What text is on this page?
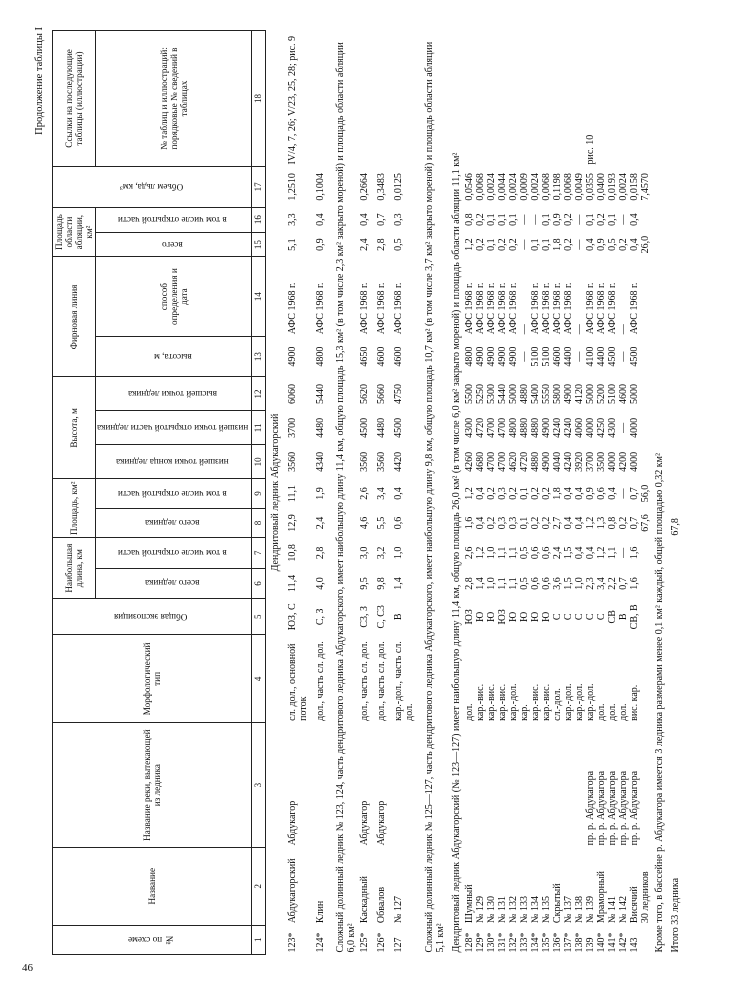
46
Продолжение таблицы I
№ по схеме	Название	Название реки, вытекающей из ледника	Морфологический тип	Общая экспозиция	Наибольшая длина, км		Площадь, км²		Высота, м			Фирновая линия		Площадь области абляции, км²		Объем льда, км³	Ссылки на последующие таблицы (иллюстрации)
					всего ледника	в том числе открытой части	всего ледника	в том числе открытой части	низшей точки конца ледника	низшей точки открытой части ледника	высшей точки ледника	высота, м	способ определения и дата	всего	в том числе открытой части		№ таблиц и иллюстраций: порядковые № сведений в таблицах
1	2	3	4	5	6	7	8	9	10	11	12	13	14	15	16	17	18
Дендритовый ледник Абдукагорский																	
123*	Абдукагорский	Абдукагор	сл. дол., основной поток	ЮЗ, С	11,4	10,8	12,9	11,1	3560	3700	6060	4900	АФС 1968 г.	5,1	3,3	1,2510	IV/4, 7, 26; V/23, 25, 28; рис. 9
124*	Клин		дол., часть сл. дол.	С, З	4,0	2,8	2,4	1,9	4340	4480	5440	4800	АФС 1968 г.	0,9	0,4	0,1004	
Сложный долинный ледник № 123, 124, часть дендритового ледника Абдукагорского, имеет наибольшую длину 11,4 км, общую площадь 15,3 км² (в том числе 2,3 км² закрыто мореной) и площадь области абляции 6,0 км²																	
125*	Каскадный	Абдукагор	дол., часть сл. дол.	С3, З	9,5	3,0	4,6	2,6	3560	4500	5620	4650	АФС 1968 г.	2,4	0,4	0,2664	
126*	Обвалов	Абдукагор	дол., часть сл. дол.	С, С3	9,8	3,2	5,5	3,4	3560	4480	5660	4600	АФС 1968 г.	2,8	0,7	0,3483	
127	№ 127		кар.-дол., часть сл. дол.	В	1,4	1,0	0,6	0,4	4420	4500	4750	4600	АФС 1968 г.	0,5	0,3	0,0125	
Сложный долинный ледник № 125—127, часть дендритового ледника Абдукагорского, имеет наибольшую длину 9,8 км, общую площадь 10,7 км² (в том числе 3,7 км² закрыто мореной) и площадь области абляции 5,1 км²																	
Дендритовый ледник Абдукагорский (№ 123—127) имеет наибольшую длину 11,4 км, общую площадь 26,0 км² (в том числе 6,0 км² закрыто мореной) и площадь области абляции 11,1 км²																	
128*	Шумный		дол.	ЮЗ	2,8	2,6	1,6	1,2	4260	4300	5500	4800	АФС 1968 г.	1,2	0,8	0,0546	
129*	№ 129		кар.-вис.	Ю	1,4	1,2	0,4	0,4	4680	4720	5250	4900	АФС 1968 г.	0,2	0,2	0,0068	
130*	№ 130		кар.-вис.	Ю	1,0	1,0	0,2	0,2	4700	4700	5300	4900	АФС 1968 г.	0,1	0,1	0,0024	
131*	№ 131		кар.-вис.	ЮЗ	1,1	1,1	0,3	0,3	4700	4700	5440	4900	АФС 1968 г.	0,2	0,1	0,0044	
132*	№ 132		кар.-дол.	Ю	1,1	1,1	0,3	0,2	4620	4800	5000	4900	АФС 1968 г.	0,2	0,1	0,0024	
133*	№ 133		кар.	Ю	0,5	0,5	0,1	0,1	4720	4880	4880	—	—	—	—	0,0009	
134*	№ 134		кар.-вис.	Ю	0,6	0,6	0,2	0,2	4880	4880	5400	5100	АФС 1968 г.	0,1	—	0,0024	
135*	№ 135		кар.-вис.	Ю	0,6	0,6	0,2	0,2	4900	4900	5550	5100	АФС 1968 г.	0,1	0,1	0,0068	
136*	Скрытый		сл.-дол.	С	3,6	2,4	2,7	1,8	4040	4240	5800	4600	АФС 1968 г.	1,8	0,9	0,1198	
137*	№ 137		кар.-дол.	С	1,5	1,5	0,4	0,4	4240	4240	4900	4400	АФС 1968 г.	0,2	0,2	0,0068	
138*	№ 138		кар.-дол.	С	1,0	0,4	0,4	0,4	3920	4060	4120	—	—	—	—	0,0049	
139	№ 139	пр. р. Абдукагора	кар.-дол.	С	2,3	0,4	1,2	0,9	3700	4000	5000	4100	АФС 1968 г.	0,4	0,1	0,0355	рис. 10
140*	Мраморный	пр. р. Абдукагора	дол.	С	3,4	1,2	1,3	0,6	3500	4250	5200	4400	АФС 1968 г.	0,9	0,2	0,0400	
141*	№ 141	пр. р. Абдукагора	дол.	СВ	2,2	1,1	0,8	0,4	4000	4300	5100	4500	АФС 1968 г.	0,5	0,1	0,0193	
142*	№ 142	пр. р. Абдукагора	дол.	В	0,7	—	0,2	—	4200	—	4600	—	—	0,2	—	0,0024	
143	Висячий	пр. р. Абдукагора	вис. кар.	СВ, В	1,6	1,6	0,7	0,7	4000	4000	5000	4500	АФС 1968 г.	0,4	0,4	0,0158	
	30 ледников						67,6	56,0						26,0		7,4570	
Кроме того, в бассейне р. Абдукагора имеется 3 ледника размерами менее 0,1 км² каждый, общей площадью 0,32 км²																	
Итого 33 ледника							67,8										
